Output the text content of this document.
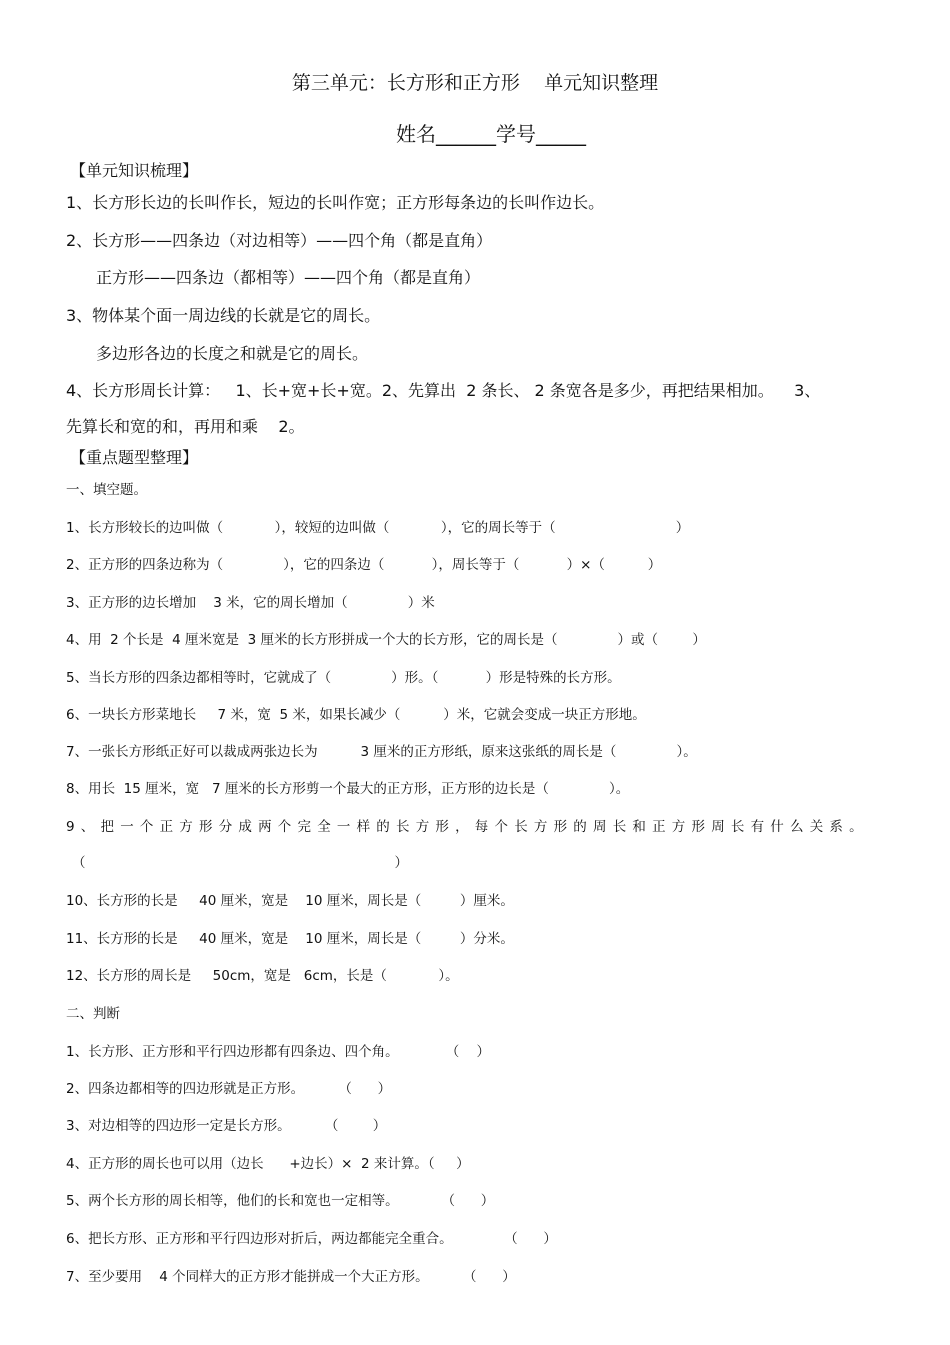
第三单元：长方形和正方形    单元知识整理
姓名______学号_____
【单元知识梳理】
1、长方形长边的长叫作长，短边的长叫作宽；正方形每条边的长叫作边长。
2、长方形——四条边（对边相等）——四个角（都是直角）
正方形——四条边（都相等）——四个角（都是直角）
3、物体某个面一周边线的长就是它的周长。
多边形各边的长度之和就是它的周长。
4、长方形周长计算：   1、长+宽+长+宽。2、先算出  2 条长、 2 条宽各是多少，再把结果相加。    3、
先算长和宽的和，再用和乘    2。
【重点题型整理】
一、填空题。
1、长方形较长的边叫做（            ），较短的边叫做（            ），它的周长等于（                            ）
2、正方形的四条边称为（              ），它的四条边（           ），周长等于（           ）×（          ）
3、正方形的边长增加    3 米，它的周长增加（              ）米
4、用  2 个长是  4 厘米宽是  3 厘米的长方形拼成一个大的长方形，它的周长是（              ）或（        ）
5、当长方形的四条边都相等时，它就成了（              ）形。（           ）形是特殊的长方形。
6、一块长方形菜地长     7 米，宽  5 米，如果长减少（          ）米，它就会变成一块正方形地。
7、一张长方形纸正好可以裁成两张边长为          3 厘米的正方形纸，原来这张纸的周长是（              ）。
8、用长  15 厘米，宽   7 厘米的长方形剪一个最大的正方形，正方形的边长是（              ）。
9、把一个正方形分成两个完全一样的长方形，每个长方形的周长和正方形周长有什么关系。
（                                                                        ）
10、长方形的长是     40 厘米，宽是    10 厘米，周长是（         ）厘米。
11、长方形的长是     40 厘米，宽是    10 厘米，周长是（         ）分米。
12、长方形的周长是     50cm，宽是   6cm，长是（            ）。
二、判断
1、长方形、正方形和平行四边形都有四条边、四个角。           （    ）
2、四条边都相等的四边形就是正方形。        （      ）
3、对边相等的四边形一定是长方形。        （        ）
4、正方形的周长也可以用（边长      +边长）×  2 来计算。（     ）
5、两个长方形的周长相等，他们的长和宽也一定相等。          （      ）
6、把长方形、正方形和平行四边形对折后，两边都能完全重合。            （      ）
7、至少要用    4 个同样大的正方形才能拼成一个大正方形。        （      ）
